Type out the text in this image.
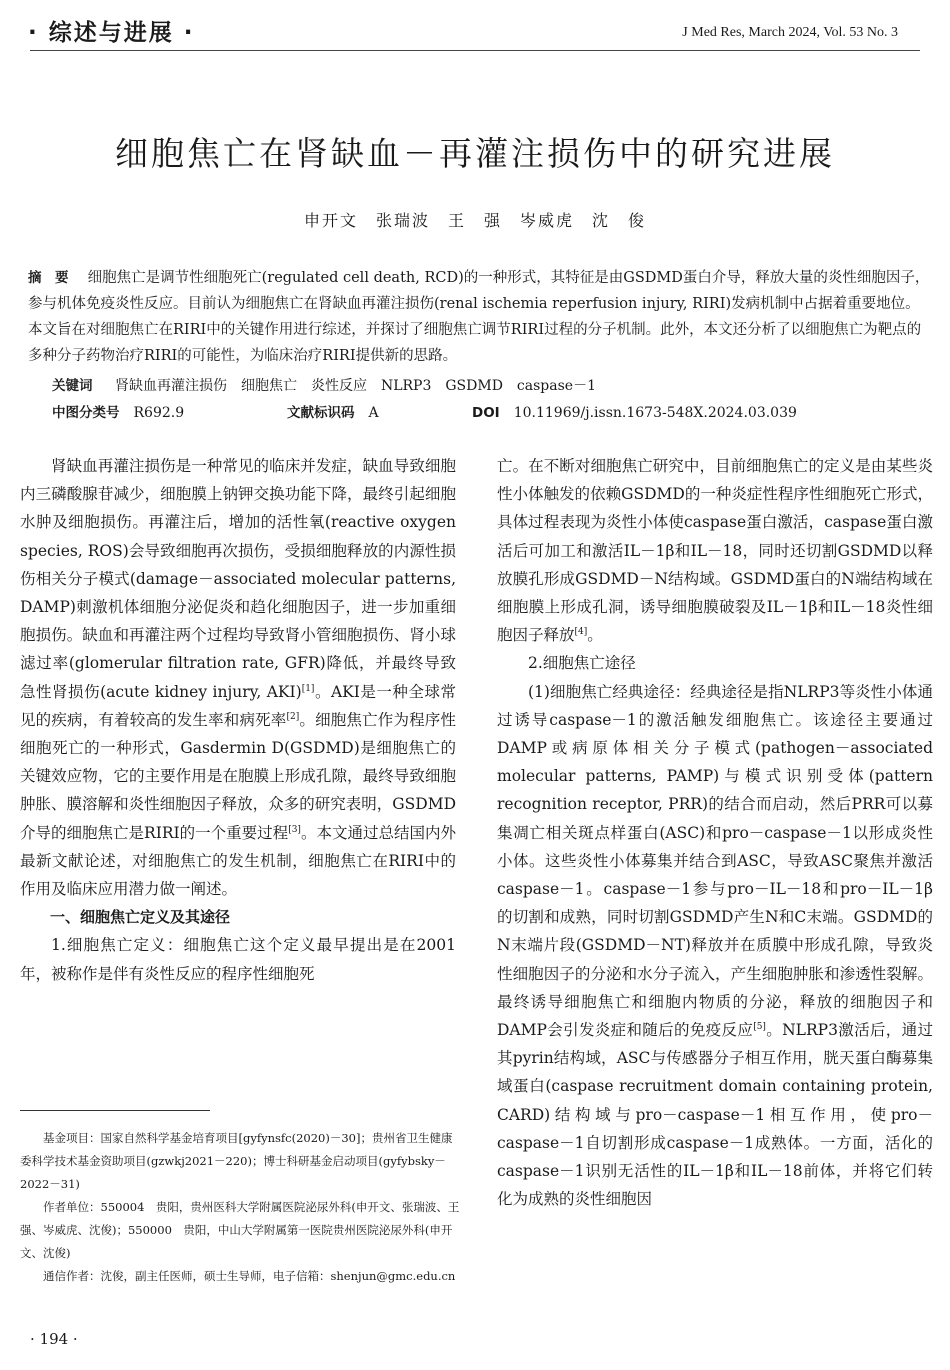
· 综述与进展 ·	J Med Res, March 2024, Vol. 53 No. 3
细胞焦亡在肾缺血－再灌注损伤中的研究进展
申开文　张瑞波　王　强　岑威虎　沈　俊

摘　要　 细胞焦亡是调节性细胞死亡(regulated cell death, RCD)的一种形式，其特征是由GSDMD蛋白介导，释放大量的炎性细胞因子，参与机体免疫炎性反应。目前认为细胞焦亡在肾缺血再灌注损伤(renal ischemia reperfusion injury, RIRI)发病机制中占据着重要地位。本文旨在对细胞焦亡在RIRI中的关键作用进行综述，并探讨了细胞焦亡调节RIRI过程的分子机制。此外，本文还分析了以细胞焦亡为靶点的多种分子药物治疗RIRI的可能性，为临床治疗RIRI提供新的思路。

关键词　 肾缺血再灌注损伤　细胞焦亡　炎性反应　NLRP3　GSDMD　caspase－1
中图分类号　 R692.9	文献标识码　 A	DOI　 10.11969/j.issn.1673-548X.2024.03.039

肾缺血再灌注损伤是一种常见的临床并发症，缺血导致细胞内三磷酸腺苷减少，细胞膜上钠钾交换功能下降，最终引起细胞水肿及细胞损伤。再灌注后，增加的活性氧(reactive oxygen species, ROS)会导致细胞再次损伤，受损细胞释放的内源性损伤相关分子模式(damage－associated molecular patterns, DAMP)刺激机体细胞分泌促炎和趋化细胞因子，进一步加重细胞损伤。缺血和再灌注两个过程均导致肾小管细胞损伤、肾小球滤过率(glomerular filtration rate, GFR)降低，并最终导致急性肾损伤(acute kidney injury, AKI)[1]。AKI是一种全球常见的疾病，有着较高的发生率和病死率[2]。细胞焦亡作为程序性细胞死亡的一种形式，Gasdermin D(GSDMD)是细胞焦亡的关键效应物，它的主要作用是在胞膜上形成孔隙，最终导致细胞肿胀、膜溶解和炎性细胞因子释放，众多的研究表明，GSDMD介导的细胞焦亡是RIRI的一个重要过程[3]。本文通过总结国内外最新文献论述，对细胞焦亡的发生机制，细胞焦亡在RIRI中的作用及临床应用潜力做一阐述。

一、细胞焦亡定义及其途径

1.细胞焦亡定义：细胞焦亡这个定义最早提出是在2001年，被称作是伴有炎性反应的程序性细胞死

亡。在不断对细胞焦亡研究中，目前细胞焦亡的定义是由某些炎性小体触发的依赖GSDMD的一种炎症性程序性细胞死亡形式，具体过程表现为炎性小体使caspase蛋白激活，caspase蛋白激活后可加工和激活IL－1β和IL－18，同时还切割GSDMD以释放膜孔形成GSDMD－N结构域。GSDMD蛋白的N端结构域在细胞膜上形成孔洞，诱导细胞膜破裂及IL－1β和IL－18炎性细胞因子释放[4]。

2.细胞焦亡途径

(1)细胞焦亡经典途径：经典途径是指NLRP3等炎性小体通过诱导caspase－1的激活触发细胞焦亡。该途径主要通过DAMP或病原体相关分子模式(pathogen－associated molecular patterns, PAMP)与模式识别受体(pattern recognition receptor, PRR)的结合而启动，然后PRR可以募集凋亡相关斑点样蛋白(ASC)和pro－caspase－1以形成炎性小体。这些炎性小体募集并结合到ASC，导致ASC聚焦并激活caspase－1。caspase－1参与pro－IL－18和pro－IL－1β的切割和成熟，同时切割GSDMD产生N和C末端。GSDMD的N末端片段(GSDMD－NT)释放并在质膜中形成孔隙，导致炎性细胞因子的分泌和水分子流入，产生细胞肿胀和渗透性裂解。最终诱导细胞焦亡和细胞内物质的分泌，释放的细胞因子和DAMP会引发炎症和随后的免疫反应[5]。NLRP3激活后，通过其pyrin结构域，ASC与传感器分子相互作用，胱天蛋白酶募集域蛋白(caspase recruitment domain containing protein, CARD)结构域与pro－caspase－1相互作用，使pro－caspase－1自切割形成caspase－1成熟体。一方面，活化的caspase－1识别无活性的IL－1β和IL－18前体，并将它们转化为成熟的炎性细胞因

基金项目：国家自然科学基金培育项目[gyfynsfc(2020)－30]；贵州省卫生健康委科学技术基金资助项目(gzwkj2021－220)；博士科研基金启动项目(gyfybsky－2022－31)

作者单位：550004　贵阳，贵州医科大学附属医院泌尿外科(申开文、张瑞波、王强、岑威虎、沈俊)；550000　贵阳，中山大学附属第一医院贵州医院泌尿外科(申开文、沈俊)

通信作者：沈俊，副主任医师，硕士生导师，电子信箱：shenjun@gmc.edu.cn

· 194 ·
